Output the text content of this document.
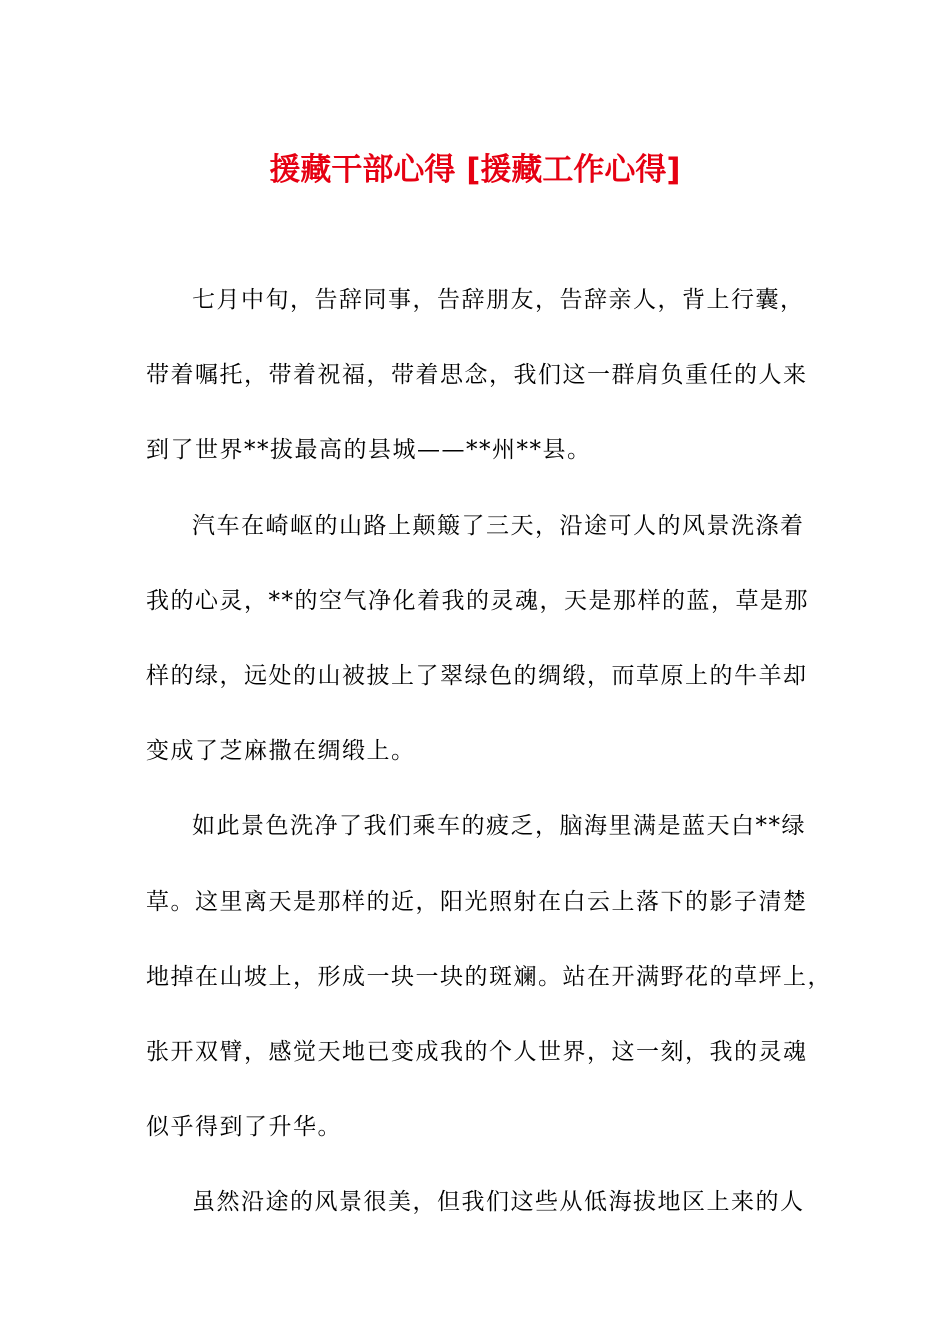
援藏干部心得 [援藏工作心得]
七月中旬，告辞同事，告辞朋友，告辞亲人，背上行囊，
带着嘱托，带着祝福，带着思念，我们这一群肩负重任的人来
到了世界**拔最高的县城——**州**县。
汽车在崎岖的山路上颠簸了三天，沿途可人的风景洗涤着
我的心灵，**的空气净化着我的灵魂，天是那样的蓝，草是那
样的绿，远处的山被披上了翠绿色的绸缎，而草原上的牛羊却
变成了芝麻撒在绸缎上。
如此景色洗净了我们乘车的疲乏，脑海里满是蓝天白**绿
草。这里离天是那样的近，阳光照射在白云上落下的影子清楚
地掉在山坡上，形成一块一块的斑斓。站在开满野花的草坪上，
张开双臂，感觉天地已变成我的个人世界，这一刻，我的灵魂
似乎得到了升华。
虽然沿途的风景很美，但我们这些从低海拔地区上来的人
